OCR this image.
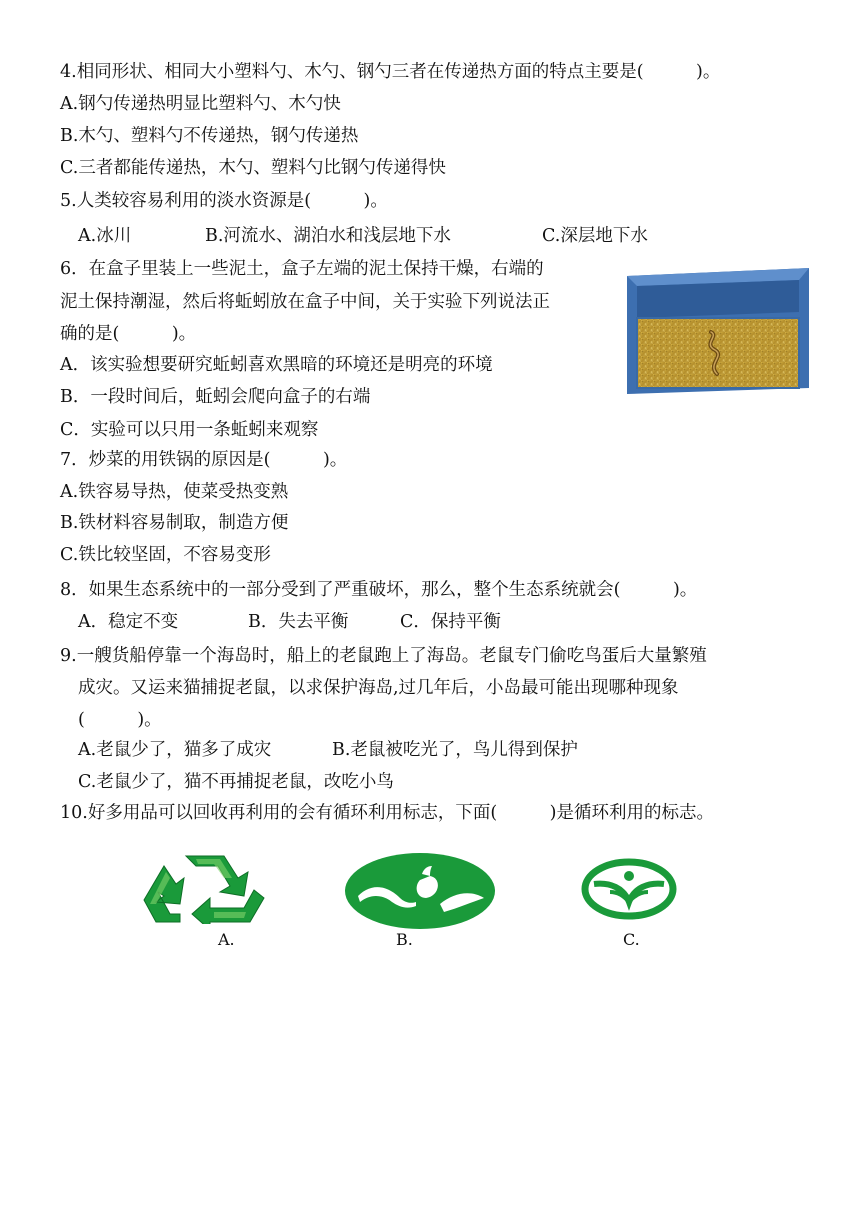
4.相同形状、相同大小塑料勺、木勺、钢勺三者在传递热方面的特点主要是(　　　)。
A.钢勺传递热明显比塑料勺、木勺快
B.木勺、塑料勺不传递热，钢勺传递热
C.三者都能传递热，木勺、塑料勺比钢勺传递得快
5.人类较容易利用的淡水资源是(　　　)。
A.冰川	B.河流水、湖泊水和浅层地下水	C.深层地下水
6．在盒子里装上一些泥土，盒子左端的泥土保持干燥，右端的
泥土保持潮湿，然后将蚯蚓放在盒子中间，关于实验下列说法正
确的是(　　　)。
A．该实验想要研究蚯蚓喜欢黑暗的环境还是明亮的环境
B．一段时间后，蚯蚓会爬向盒子的右端
C．实验可以只用一条蚯蚓来观察
7．炒菜的用铁锅的原因是(　　　)。
A.铁容易导热，使菜受热变熟
B.铁材料容易制取，制造方便
C.铁比较坚固，不容易变形
8．如果生态系统中的一部分受到了严重破坏，那么，整个生态系统就会(　　　)。
A．稳定不变	B．失去平衡	C．保持平衡
9.一艘货船停靠一个海岛时，船上的老鼠跑上了海岛。老鼠专门偷吃鸟蛋后大量繁殖
成灾。又运来猫捕捉老鼠，以求保护海岛,过几年后，小岛最可能出现哪种现象
(　　　)。
A.老鼠少了，猫多了成灾	B.老鼠被吃光了，鸟儿得到保护
C.老鼠少了，猫不再捕捉老鼠，改吃小鸟
10.好多用品可以回收再利用的会有循环利用标志，下面(　　　)是循环利用的标志。
A.	B.	C.
